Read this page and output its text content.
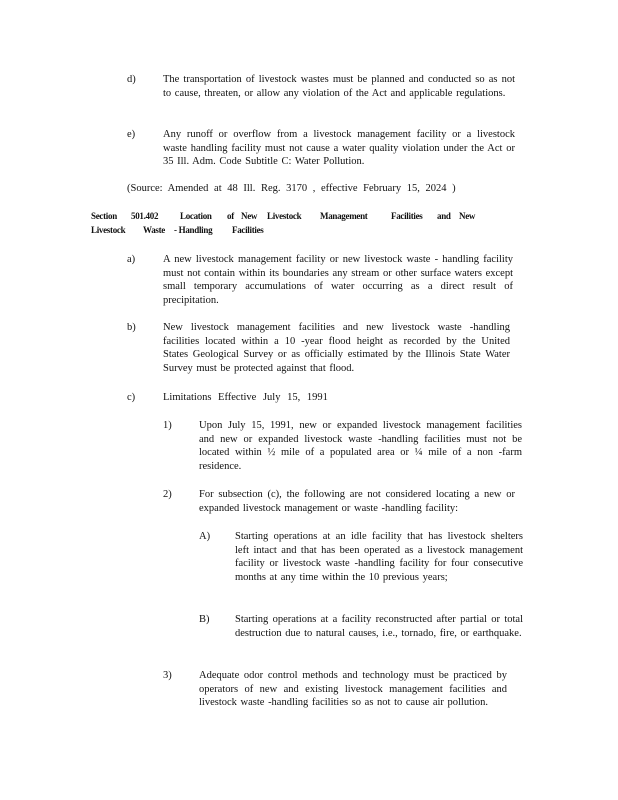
d)	The transportation of livestock wastes must be planned and conducted so as not to cause, threaten, or allow any violation of the Act and applicable regulations.
e)	Any runoff or overflow from a livestock management facility or a livestock waste handling facility must not cause a water quality violation under the Act or 35 Ill. Adm. Code Subtitle C: Water Pollution.
(Source: Amended at 48 Ill. Reg. 3170 , effective February 15, 2024 )
Section 501.402 Location of New Livestock Management	Facilities and New
Livestock Waste - Handling Facilities
a)	A new livestock management facility or new livestock waste - handling facility must not contain within its boundaries any stream or other surface waters except small temporary accumulations of water occurring as a direct result of precipitation.
b)	New livestock management facilities and new livestock waste -handling facilities located within a 10 -year flood height as recorded by the United States Geological Survey or as officially estimated by the Illinois State Water Survey must be protected against that flood.
c)	Limitations Effective July 15, 1991
1)	Upon July 15, 1991, new or expanded livestock management facilities and new or expanded livestock waste -handling facilities must not be located within ½ mile of a populated area or ¼ mile of a non -farm residence.
2)	For subsection (c), the following are not considered locating a new or expanded livestock management or waste -handling facility:
A) Starting operations at an idle facility that has livestock shelters left intact and that has been operated as a livestock management facility or livestock waste -handling facility for four consecutive months at any time within the 10 previous years;
B) Starting operations at a facility reconstructed after partial or total destruction due to natural causes, i.e., tornado, fire, or earthquake.
3)	Adequate odor control methods and technology must be practiced by operators of new and existing livestock management facilities and livestock waste -handling facilities so as not to cause air pollution.
